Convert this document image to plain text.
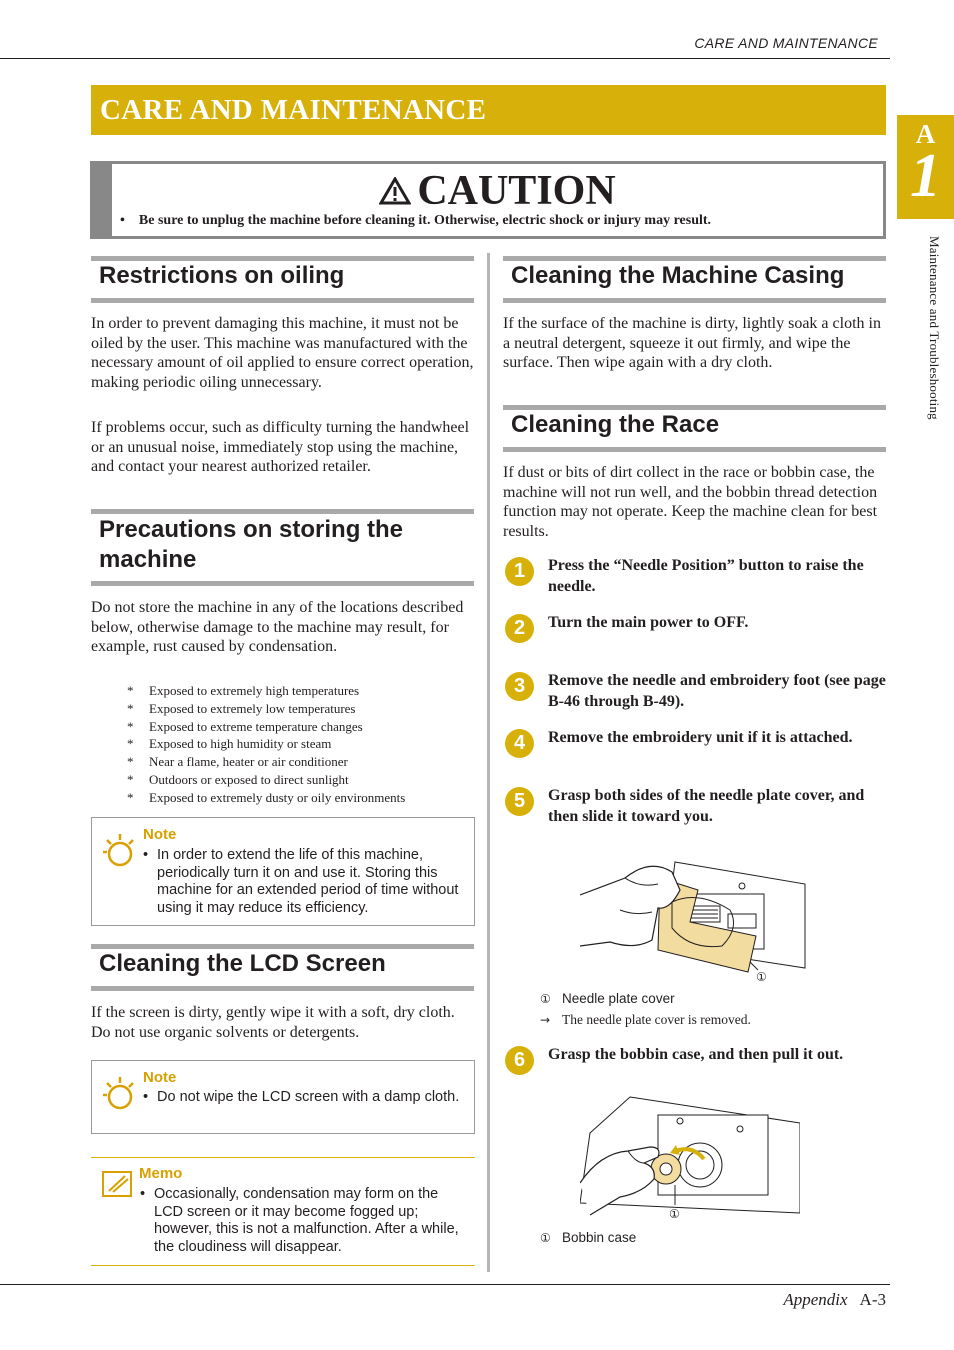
CARE AND MAINTENANCE
CARE AND MAINTENANCE
A
1
Maintenance and Troubleshooting
CAUTION
• Be sure to unplug the machine before cleaning it. Otherwise, electric shock or injury may result.
Restrictions on oiling
In order to prevent damaging this machine, it must not be oiled by the user. This machine was manufactured with the necessary amount of oil applied to ensure correct operation, making periodic oiling unnecessary.
If problems occur, such as difficulty turning the handwheel or an unusual noise, immediately stop using the machine, and contact your nearest authorized retailer.
Precautions on storing the
machine
Do not store the machine in any of the locations described below, otherwise damage to the machine may result, for example, rust caused by condensation.
* Exposed to extremely high temperatures
* Exposed to extremely low temperatures
* Exposed to extreme temperature changes
* Exposed to high humidity or steam
* Near a flame, heater or air conditioner
* Outdoors or exposed to direct sunlight
* Exposed to extremely dusty or oily environments
Note
• In order to extend the life of this machine, periodically turn it on and use it. Storing this machine for an extended period of time without using it may reduce its efficiency.
Cleaning the LCD Screen
If the screen is dirty, gently wipe it with a soft, dry cloth. Do not use organic solvents or detergents.
Note
• Do not wipe the LCD screen with a damp cloth.
Memo
• Occasionally, condensation may form on the LCD screen or it may become fogged up; however, this is not a malfunction. After a while, the cloudiness will disappear.
Cleaning the Machine Casing
If the surface of the machine is dirty, lightly soak a cloth in a neutral detergent, squeeze it out firmly, and wipe the surface. Then wipe again with a dry cloth.
Cleaning the Race
If dust or bits of dirt collect in the race or bobbin case, the machine will not run well, and the bobbin thread detection function may not operate. Keep the machine clean for best results.
1	Press the “Needle Position” button to raise the needle.
2	Turn the main power to OFF.
3	Remove the needle and embroidery foot (see page B-46 through B-49).
4	Remove the embroidery unit if it is attached.
5	Grasp both sides of the needle plate cover, and then slide it toward you.
①
① Needle plate cover
→ The needle plate cover is removed.
6	Grasp the bobbin case, and then pull it out.
①
① Bobbin case
Appendix A-3
